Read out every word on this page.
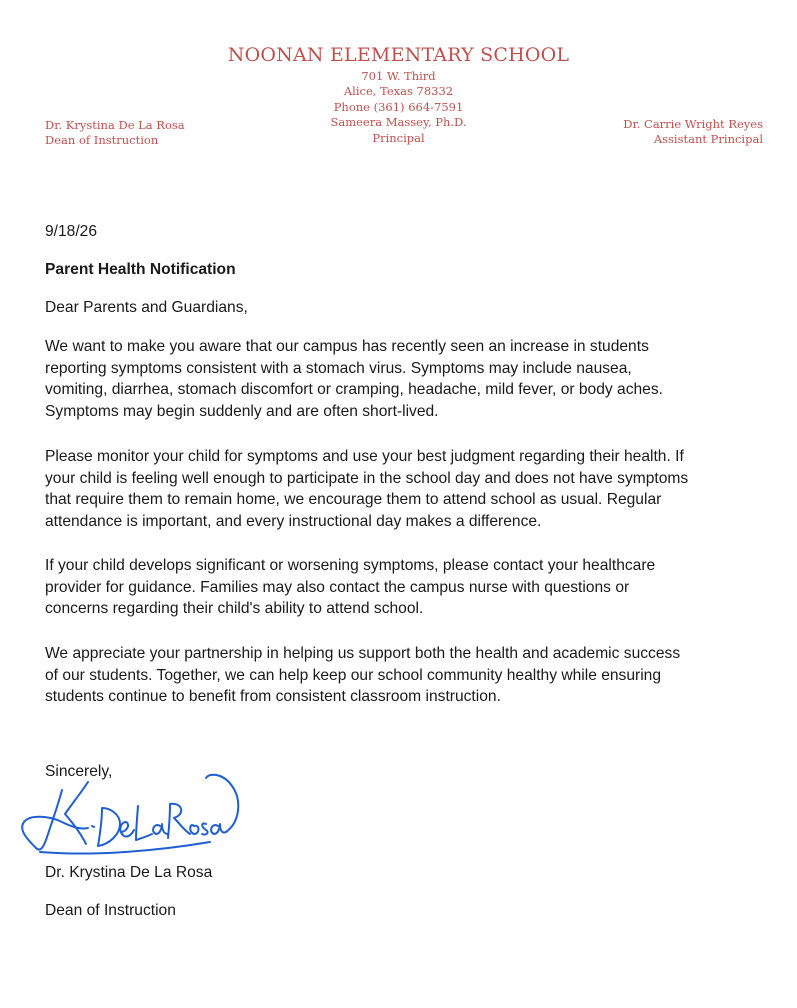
NOONAN ELEMENTARY SCHOOL
701 W. Third
Alice, Texas 78332
Phone (361) 664-7591
Sameera Massey, Ph.D.
Principal
Dr. Krystina De La Rosa
Dean of Instruction
Dr. Carrie Wright Reyes
Assistant Principal
9/18/26
Parent Health Notification
Dear Parents and Guardians,

We want to make you aware that our campus has recently seen an increase in students
reporting symptoms consistent with a stomach virus. Symptoms may include nausea,
vomiting, diarrhea, stomach discomfort or cramping, headache, mild fever, or body aches.
Symptoms may begin suddenly and are often short-lived.

Please monitor your child for symptoms and use your best judgment regarding their health. If
your child is feeling well enough to participate in the school day and does not have symptoms
that require them to remain home, we encourage them to attend school as usual. Regular
attendance is important, and every instructional day makes a difference.

If your child develops significant or worsening symptoms, please contact your healthcare
provider for guidance. Families may also contact the campus nurse with questions or
concerns regarding their child's ability to attend school.

We appreciate your partnership in helping us support both the health and academic success
of our students. Together, we can help keep our school community healthy while ensuring
students continue to benefit from consistent classroom instruction.

Sincerely,
Dr. Krystina De La Rosa
Dean of Instruction
